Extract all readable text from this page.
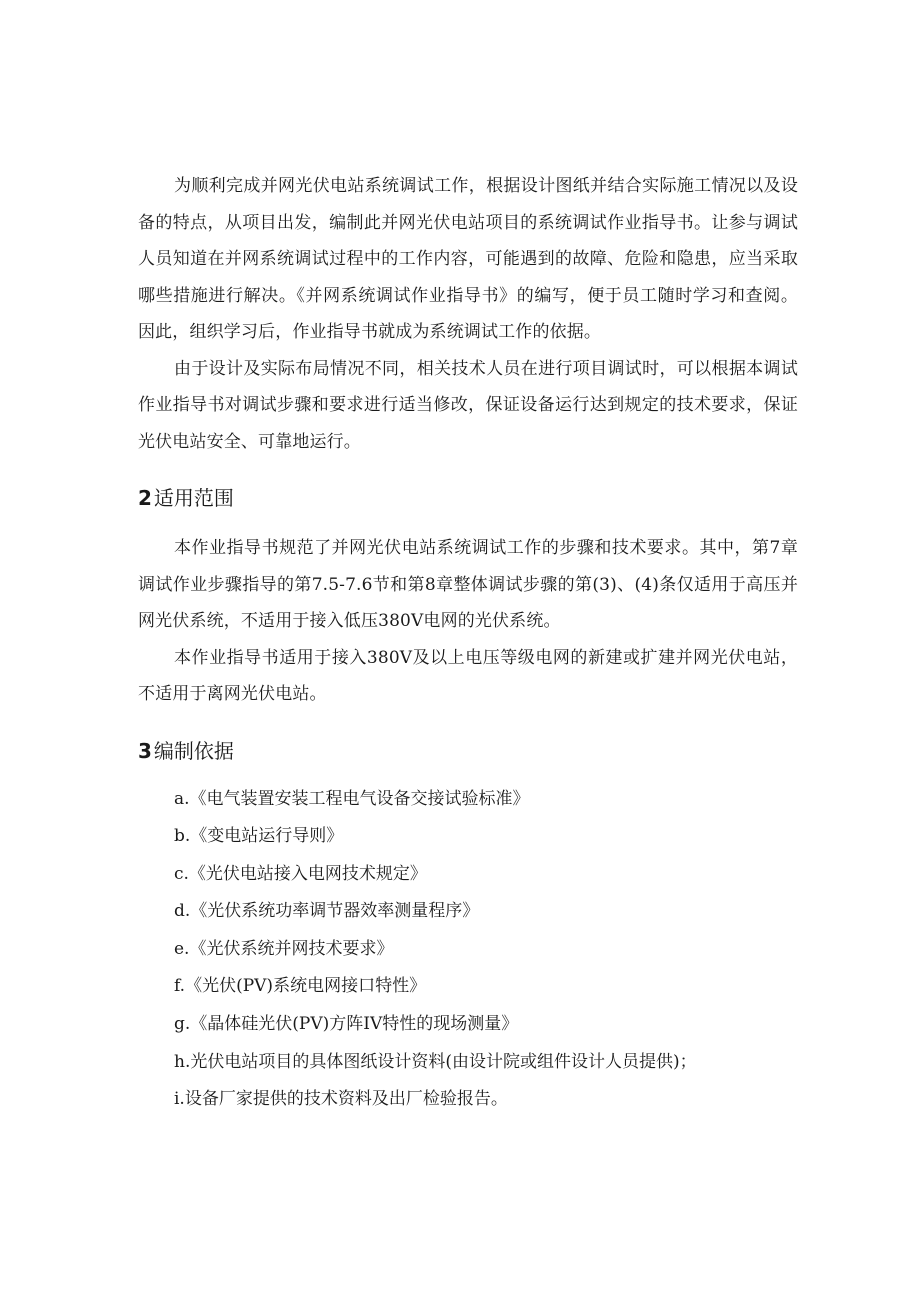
为顺利完成并网光伏电站系统调试工作，根据设计图纸并结合实际施工情况以及设备的特点，从项目出发，编制此并网光伏电站项目的系统调试作业指导书。让参与调试人员知道在并网系统调试过程中的工作内容，可能遇到的故障、危险和隐患，应当采取哪些措施进行解决。《并网系统调试作业指导书》的编写，便于员工随时学习和查阅。因此，组织学习后，作业指导书就成为系统调试工作的依据。

由于设计及实际布局情况不同，相关技术人员在进行项目调试时，可以根据本调试作业指导书对调试步骤和要求进行适当修改，保证设备运行达到规定的技术要求，保证光伏电站安全、可靠地运行。

2 适用范围

本作业指导书规范了并网光伏电站系统调试工作的步骤和技术要求。其中，第7章调试作业步骤指导的第7.5-7.6节和第8章整体调试步骤的第(3)、(4)条仅适用于高压并网光伏系统，不适用于接入低压380V电网的光伏系统。

本作业指导书适用于接入380V及以上电压等级电网的新建或扩建并网光伏电站，不适用于离网光伏电站。

3 编制依据
a.《电气装置安装工程电气设备交接试验标准》
b.《变电站运行导则》
c.《光伏电站接入电网技术规定》
d.《光伏系统功率调节器效率测量程序》
e.《光伏系统并网技术要求》
f.《光伏(PV)系统电网接口特性》
g.《晶体硅光伏(PV)方阵IV特性的现场测量》
h.光伏电站项目的具体图纸设计资料(由设计院或组件设计人员提供)；
i.设备厂家提供的技术资料及出厂检验报告。
